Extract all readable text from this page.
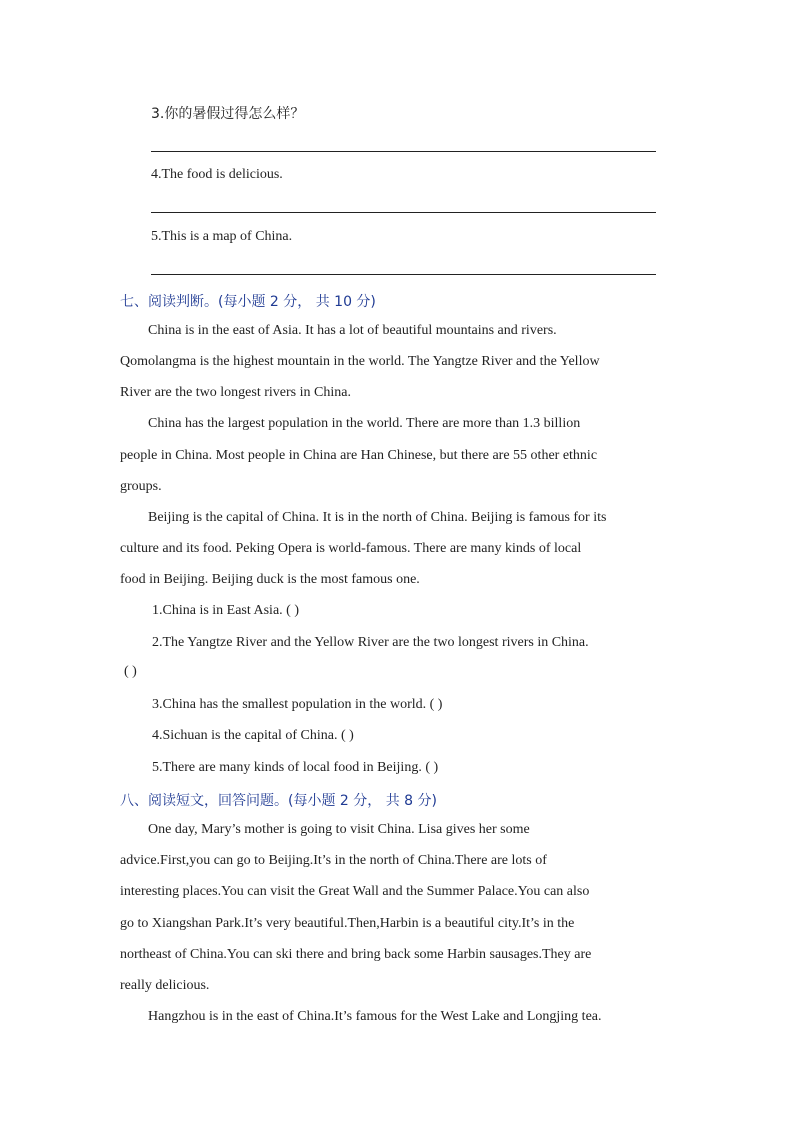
3.你的暑假过得怎么样？
4.The food is delicious.
5.This is a map of China.
七、阅读判断。(每小题 2 分， 共 10 分)
China is in the east of Asia. It has a lot of beautiful mountains and rivers.
Qomolangma is the highest mountain in the world. The Yangtze River and the Yellow
River are the two longest rivers in China.
China has the largest population in the world. There are more than 1.3 billion
people in China. Most people in China are Han Chinese, but there are 55 other ethnic
groups.
Beijing is the capital of China. It is in the north of China. Beijing is famous for its
culture and its food. Peking Opera is world-famous. There are many kinds of local
food in Beijing. Beijing duck is the most famous one.
1.China is in East Asia. ( )
2.The Yangtze River and the Yellow River are the two longest rivers in China.
( )
3.China has the smallest population in the world. ( )
4.Sichuan is the capital of China. ( )
5.There are many kinds of local food in Beijing. ( )
八、阅读短文，回答问题。(每小题 2 分， 共 8 分)
One day, Mary’s mother is going to visit China. Lisa gives her some
advice.First,you can go to Beijing.It’s in the north of China.There are lots of
interesting places.You can visit the Great Wall and the Summer Palace.You can also
go to Xiangshan Park.It’s very beautiful.Then,Harbin is a beautiful city.It’s in the
northeast of China.You can ski there and bring back some Harbin sausages.They are
really delicious.
Hangzhou is in the east of China.It’s famous for the West Lake and Longjing tea.
